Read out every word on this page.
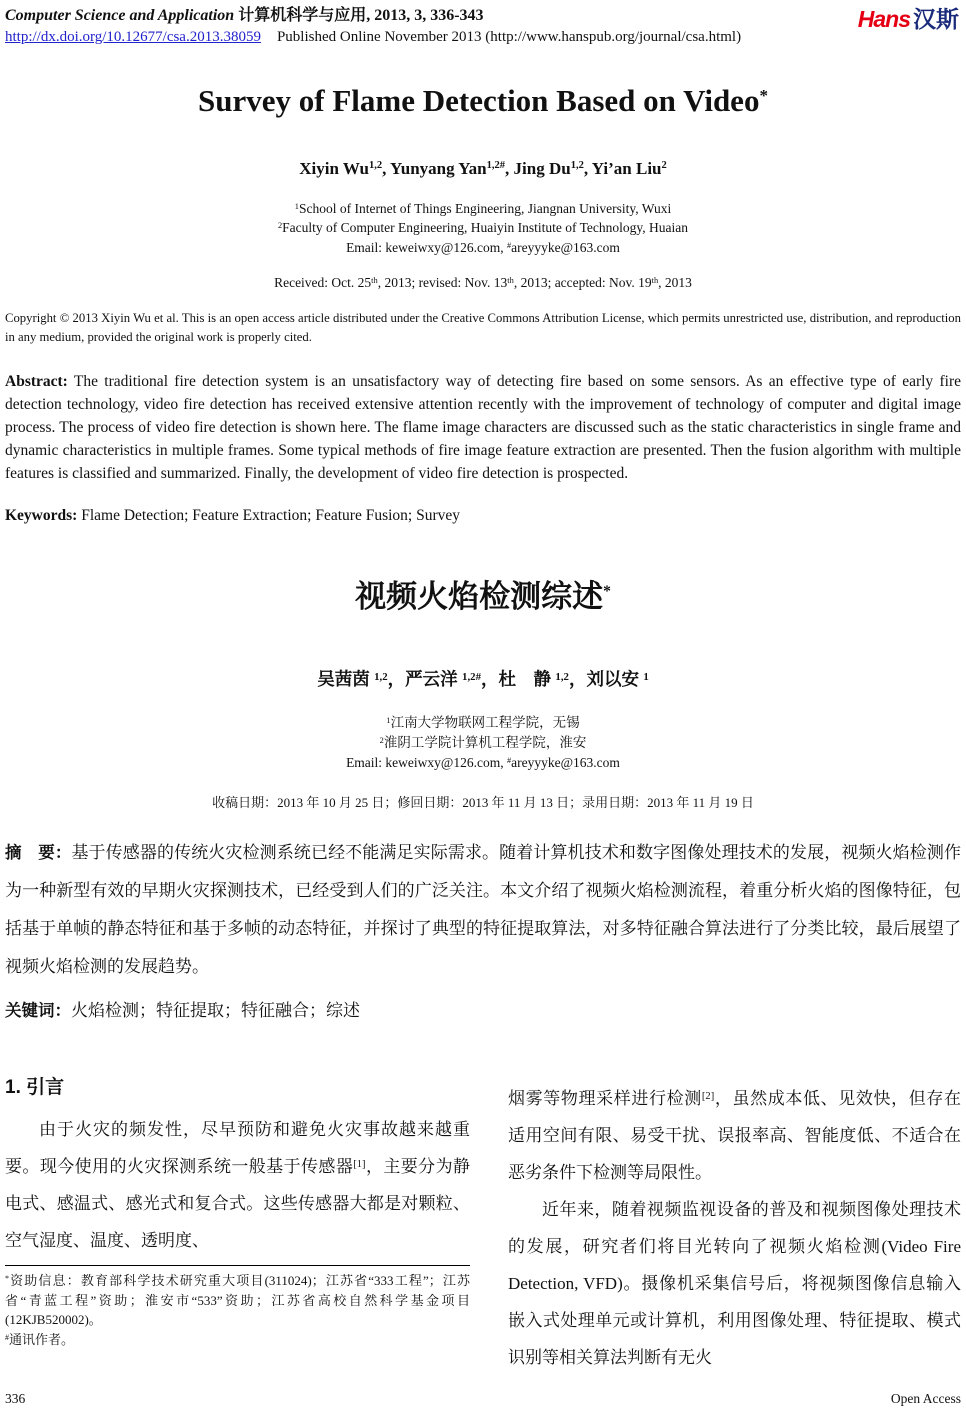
Computer Science and Application 计算机科学与应用, 2013, 3, 336-343
http://dx.doi.org/10.12677/csa.2013.38059 Published Online November 2013 (http://www.hanspub.org/journal/csa.html)
Hans 汉斯
Survey of Flame Detection Based on Video*
Xiyin Wu$^{1,2}$, Yunyang Yan$^{1,2\#}$, Jing Du$^{1,2}$, Yi’an Liu$^2$
$^1$School of Internet of Things Engineering, Jiangnan University, Wuxi
$^2$Faculty of Computer Engineering, Huaiyin Institute of Technology, Huaian
Email: keweiwxy@126.com, #areyyyke@163.com
Received: Oct. 25th, 2013; revised: Nov. 13th, 2013; accepted: Nov. 19th, 2013
Copyright © 2013 Xiyin Wu et al. This is an open access article distributed under the Creative Commons Attribution License, which permits unrestricted use, distribution, and reproduction in any medium, provided the original work is properly cited.
Abstract: The traditional fire detection system is an unsatisfactory way of detecting fire based on some sensors. As an effective type of early fire detection technology, video fire detection has received extensive attention recently with the improvement of technology of computer and digital image process. The process of video fire detection is shown here. The flame image characters are discussed such as the static characteristics in single frame and dynamic characteristics in multiple frames. Some typical methods of fire image feature extraction are presented. Then the fusion algorithm with multiple features is classified and summarized. Finally, the development of video fire detection is prospected.
Keywords: Flame Detection; Feature Extraction; Feature Fusion; Survey
视频火焰检测综述*
吴茜茵 $^{1,2}$，严云洋 $^{1,2\#}$，杜　静 $^{1,2}$，刘以安 $^1$
$^1$江南大学物联网工程学院，无锡
$^2$淮阴工学院计算机工程学院，淮安
Email: keweiwxy@126.com, #areyyyke@163.com
收稿日期：2013 年 10 月 25 日；修回日期：2013 年 11 月 13 日；录用日期：2013 年 11 月 19 日
摘　要：基于传感器的传统火灾检测系统已经不能满足实际需求。随着计算机技术和数字图像处理技术的发展，视频火焰检测作为一种新型有效的早期火灾探测技术，已经受到人们的广泛关注。本文介绍了视频火焰检测流程，着重分析火焰的图像特征，包括基于单帧的静态特征和基于多帧的动态特征，并探讨了典型的特征提取算法，对多特征融合算法进行了分类比较，最后展望了视频火焰检测的发展趋势。
关键词：火焰检测；特征提取；特征融合；综述
1. 引言
由于火灾的频发性，尽早预防和避免火灾事故越来越重要。现今使用的火灾探测系统一般基于传感器[1]，主要分为静电式、感温式、感光式和复合式。这些传感器大都是对颗粒、空气湿度、温度、透明度、
*资助信息：教育部科学技术研究重大项目(311024)；江苏省“333工程”；江苏省“青蓝工程”资助；淮安市“533”资助；江苏省高校自然科学基金项目(12KJB520002)。
#通讯作者。
烟雾等物理采样进行检测[2]，虽然成本低、见效快，但存在适用空间有限、易受干扰、误报率高、智能度低、不适合在恶劣条件下检测等局限性。
近年来，随着视频监视设备的普及和视频图像处理技术的发展，研究者们将目光转向了视频火焰检测(Video Fire Detection, VFD)。摄像机采集信号后，将视频图像信息输入嵌入式处理单元或计算机，利用图像处理、特征提取、模式识别等相关算法判断有无火
336	Open Access
